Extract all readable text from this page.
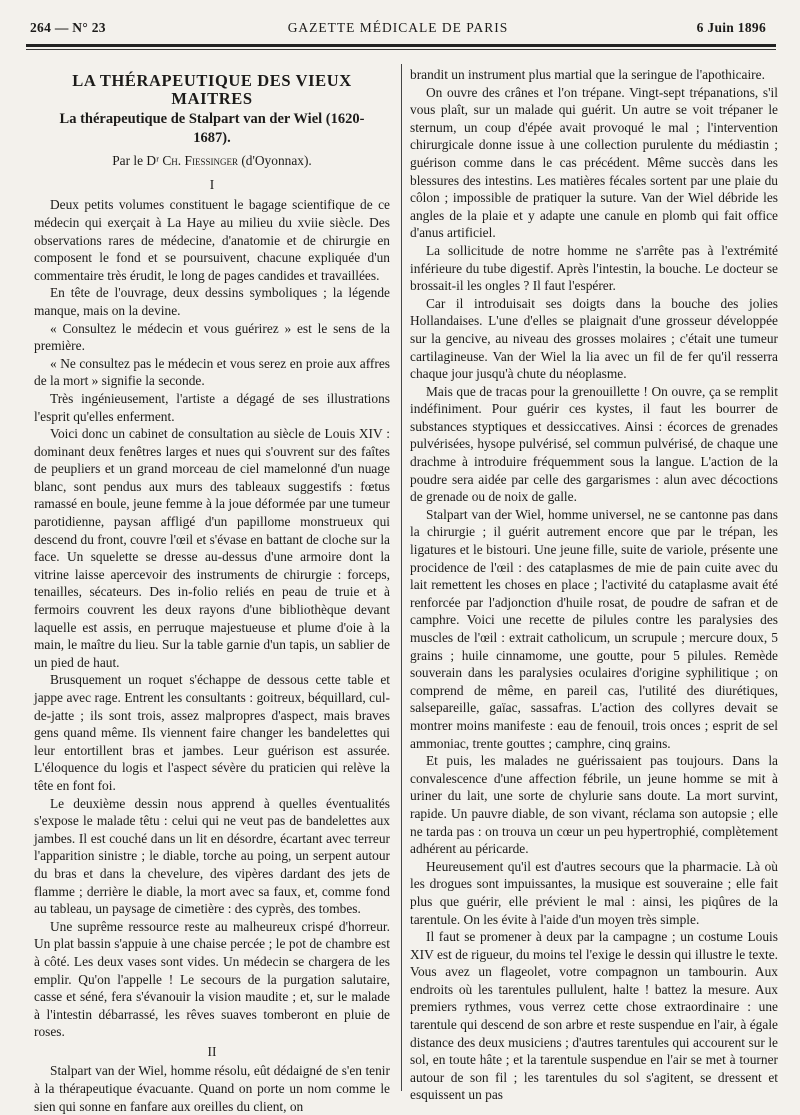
264 — N° 23	GAZETTE MÉDICALE DE PARIS	6 Juin 1896
LA THÉRAPEUTIQUE DES VIEUX MAITRES
La thérapeutique de Stalpart van der Wiel (1620-1687).
Par le Dʳ Ch. Fiessinger (d'Oyonnax).
I

Deux petits volumes constituent le bagage scientifique de ce médecin qui exerçait à La Haye au milieu du xviie siècle. Des observations rares de médecine, d'anatomie et de chirurgie en composent le fond et se poursuivent, chacune expliquée d'un commentaire très érudit, le long de pages candides et travaillées.

En tête de l'ouvrage, deux dessins symboliques ; la légende manque, mais on la devine.

« Consultez le médecin et vous guérirez » est le sens de la première.

« Ne consultez pas le médecin et vous serez en proie aux affres de la mort » signifie la seconde.

Très ingénieusement, l'artiste a dégagé de ses illustrations l'esprit qu'elles enferment.

Voici donc un cabinet de consultation au siècle de Louis XIV : dominant deux fenêtres larges et nues qui s'ouvrent sur des faîtes de peupliers et un grand morceau de ciel mamelonné d'un nuage blanc, sont pendus aux murs des tableaux suggestifs : fœtus ramassé en boule, jeune femme à la joue déformée par une tumeur parotidienne, paysan affligé d'un papillome monstrueux qui descend du front, couvre l'œil et s'évase en battant de cloche sur la face. Un squelette se dresse au-dessus d'une armoire dont la vitrine laisse apercevoir des instruments de chirurgie : forceps, tenailles, sécateurs. Des in-folio reliés en peau de truie et à fermoirs couvrent les deux rayons d'une bibliothèque devant laquelle est assis, en perruque majestueuse et plume d'oie à la main, le maître du lieu. Sur la table garnie d'un tapis, un sablier de un pied de haut.

Brusquement un roquet s'échappe de dessous cette table et jappe avec rage. Entrent les consultants : goitreux, béquillard, cul-de-jatte ; ils sont trois, assez malpropres d'aspect, mais braves gens quand même. Ils viennent faire changer les bandelettes qui leur entortillent bras et jambes. Leur guérison est assurée. L'éloquence du logis et l'aspect sévère du praticien qui relève la tête en font foi.

Le deuxième dessin nous apprend à quelles éventualités s'expose le malade têtu : celui qui ne veut pas de bandelettes aux jambes. Il est couché dans un lit en désordre, écartant avec terreur l'apparition sinistre ; le diable, torche au poing, un serpent autour du bras et dans la chevelure, des vipères dardant des jets de flamme ; derrière le diable, la mort avec sa faux, et, comme fond au tableau, un paysage de cimetière : des cyprès, des tombes.

Une suprême ressource reste au malheureux crispé d'horreur. Un plat bassin s'appuie à une chaise percée ; le pot de chambre est à côté. Les deux vases sont vides. Un médecin se chargera de les emplir. Qu'on l'appelle ! Le secours de la purgation salutaire, casse et séné, fera s'évanouir la vision maudite ; et, sur le malade à l'intestin débarrassé, les rêves suaves tomberont en pluie de roses.

II

Stalpart van der Wiel, homme résolu, eût dédaigné de s'en tenir à la thérapeutique évacuante. Quand on porte un nom comme le sien qui sonne en fanfare aux oreilles du client, on

brandit un instrument plus martial que la seringue de l'apothicaire.

On ouvre des crânes et l'on trépane. Vingt-sept trépanations, s'il vous plaît, sur un malade qui guérit. Un autre se voit trépaner le sternum, un coup d'épée avait provoqué le mal ; l'intervention chirurgicale donne issue à une collection purulente du médiastin ; guérison comme dans le cas précédent. Même succès dans les blessures des intestins. Les matières fécales sortent par une plaie du côlon ; impossible de pratiquer la suture. Van der Wiel débride les angles de la plaie et y adapte une canule en plomb qui fait office d'anus artificiel.

La sollicitude de notre homme ne s'arrête pas à l'extrémité inférieure du tube digestif. Après l'intestin, la bouche. Le docteur se brossait-il les ongles ? Il faut l'espérer.

Car il introduisait ses doigts dans la bouche des jolies Hollandaises. L'une d'elles se plaignait d'une grosseur développée sur la gencive, au niveau des grosses molaires ; c'était une tumeur cartilagineuse. Van der Wiel la lia avec un fil de fer qu'il resserra chaque jour jusqu'à chute du néoplasme.

Mais que de tracas pour la grenouillette ! On ouvre, ça se remplit indéfiniment. Pour guérir ces kystes, il faut les bourrer de substances styptiques et dessiccatives. Ainsi : écorces de grenades pulvérisées, hysope pulvérisé, sel commun pulvérisé, de chaque une drachme à introduire fréquemment sous la langue. L'action de la poudre sera aidée par celle des gargarismes : alun avec décoctions de grenade ou de noix de galle.

Stalpart van der Wiel, homme universel, ne se cantonne pas dans la chirurgie ; il guérit autrement encore que par le trépan, les ligatures et le bistouri. Une jeune fille, suite de variole, présente une procidence de l'œil : des cataplasmes de mie de pain cuite avec du lait remettent les choses en place ; l'activité du cataplasme avait été renforcée par l'adjonction d'huile rosat, de poudre de safran et de camphre. Voici une recette de pilules contre les paralysies des muscles de l'œil : extrait catholicum, un scrupule ; mercure doux, 5 grains ; huile cinnamome, une goutte, pour 5 pilules. Remède souverain dans les paralysies oculaires d'origine syphilitique ; on comprend de même, en pareil cas, l'utilité des diurétiques, salsepareille, gaïac, sassafras. L'action des collyres devait se montrer moins manifeste : eau de fenouil, trois onces ; esprit de sel ammoniac, trente gouttes ; camphre, cinq grains.

Et puis, les malades ne guérissaient pas toujours. Dans la convalescence d'une affection fébrile, un jeune homme se mit à uriner du lait, une sorte de chylurie sans doute. La mort survint, rapide. Un pauvre diable, de son vivant, réclama son autopsie ; elle ne tarda pas : on trouva un cœur un peu hypertrophié, complètement adhérent au péricarde.

Heureusement qu'il est d'autres secours que la pharmacie. Là où les drogues sont impuissantes, la musique est souveraine ; elle fait plus que guérir, elle prévient le mal : ainsi, les piqûres de la tarentule. On les évite à l'aide d'un moyen très simple.

Il faut se promener à deux par la campagne ; un costume Louis XIV est de rigueur, du moins tel l'exige le dessin qui illustre le texte. Vous avez un flageolet, votre compagnon un tambourin. Aux endroits où les tarentules pullulent, halte ! battez la mesure. Aux premiers rythmes, vous verrez cette chose extraordinaire : une tarentule qui descend de son arbre et reste suspendue en l'air, à égale distance des deux musiciens ; d'autres tarentules qui accourent sur le sol, en toute hâte ; et la tarentule suspendue en l'air se met à tourner autour de son fil ; les tarentules du sol s'agitent, se dressent et esquissent un pas
